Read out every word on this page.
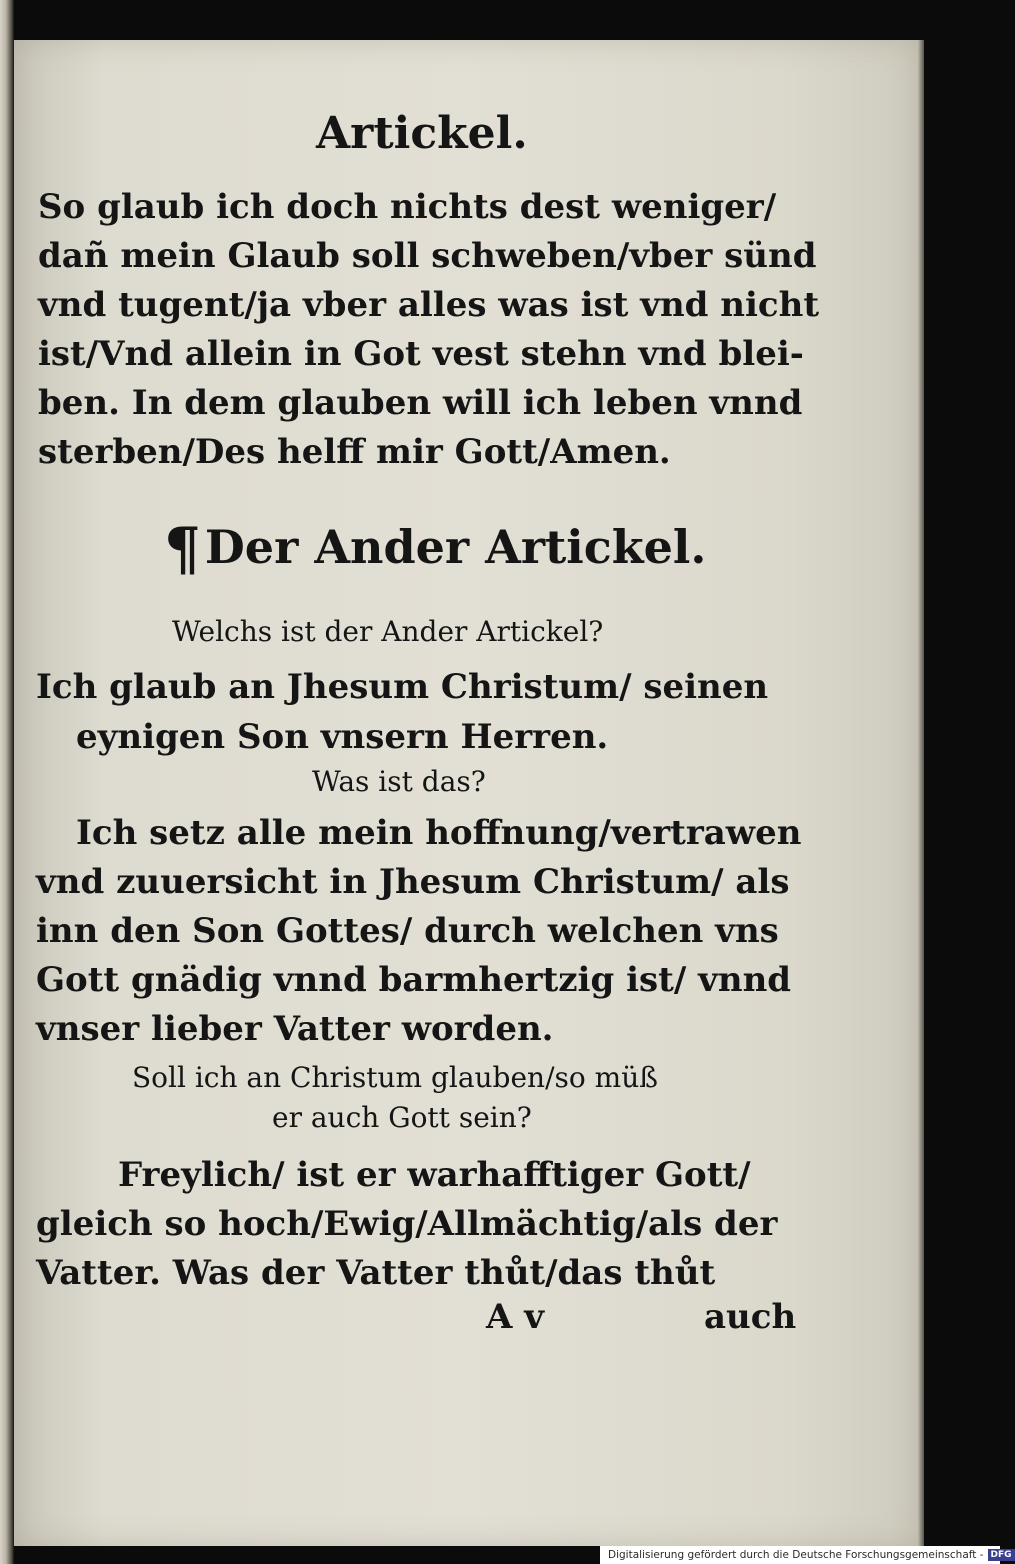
Artickel.
So glaub ich doch nichts dest weniger/
dañ mein Glaub soll schweben/vber sünd
vnd tugent/ja vber alles was ist vnd nicht
ist/Vnd allein in Got vest stehn vnd blei-
ben. In dem glauben will ich leben vnnd
sterben/Des helff mir Gott/Amen.
¶Der Ander Artickel.
Welchs ist der Ander Artickel?
Ich glaub an Jhesum Christum/ seinen
eynigen Son vnsern Herren.
Was ist das?
Ich setz alle mein hoffnung/vertrawen
vnd zuuersicht in Jhesum Christum/ als
inn den Son Gottes/ durch welchen vns
Gott gnädig vnnd barmhertzig ist/ vnnd
vnser lieber Vatter worden.
Soll ich an Christum glauben/so müß
er auch Gott sein?
Freylich/ ist er warhafftiger Gott/
gleich so hoch/Ewig/Allmächtig/als der
Vatter. Was der Vatter thůt/das thůt
A v	auch
Digitalisierung gefördert durch die Deutsche Forschungsgemeinschaft - DFG
